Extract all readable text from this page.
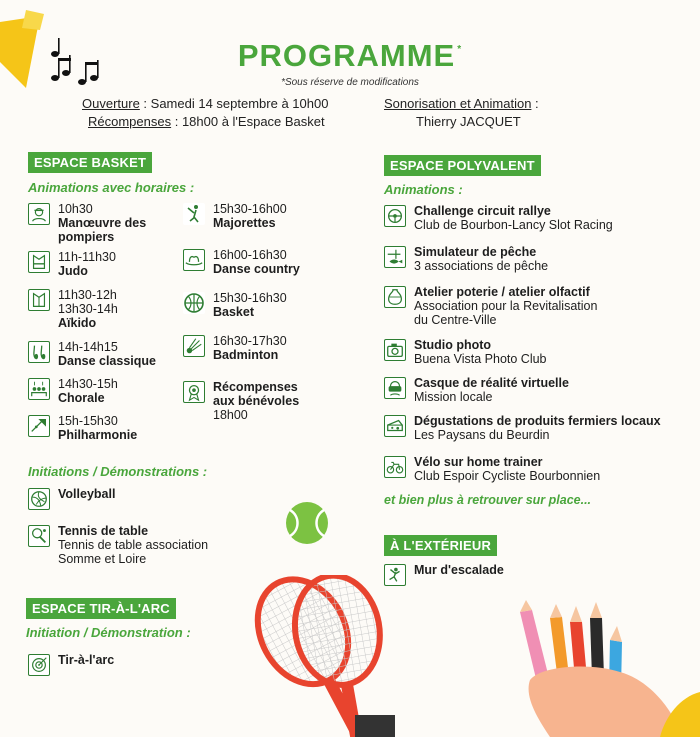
PROGRAMME *
*Sous réserve de modifications
Ouverture : Samedi 14 septembre à 10h00
Récompenses : 18h00 à l'Espace Basket
Sonorisation et Animation :
Thierry JACQUET
ESPACE BASKET
Animations avec horaires :
10h30
Manœuvre des pompiers
11h-11h30
Judo
11h30-12h
13h30-14h
Aïkido
14h-14h15
Danse classique
14h30-15h
Chorale
15h-15h30
Philharmonie
15h30-16h00
Majorettes
16h00-16h30
Danse country
15h30-16h30
Basket
16h30-17h30
Badminton
Récompenses aux bénévoles
18h00
Initiations / Démonstrations :
Volleyball
Tennis de table
Tennis de table association Somme et Loire
ESPACE TIR-À-L'ARC
Initiation / Démonstration :
Tir-à-l'arc
ESPACE POLYVALENT
Animations :
Challenge circuit rallye
Club de Bourbon-Lancy Slot Racing
Simulateur de pêche
3 associations de pêche
Atelier poterie / atelier olfactif
Association pour la Revitalisation du Centre-Ville
Studio photo
Buena Vista Photo Club
Casque de réalité virtuelle
Mission locale
Dégustations de produits fermiers locaux
Les Paysans du Beurdin
Vélo sur home trainer
Club Espoir Cycliste Bourbonnien
et bien plus à retrouver sur place...
À L'EXTÉRIEUR
Mur d'escalade
